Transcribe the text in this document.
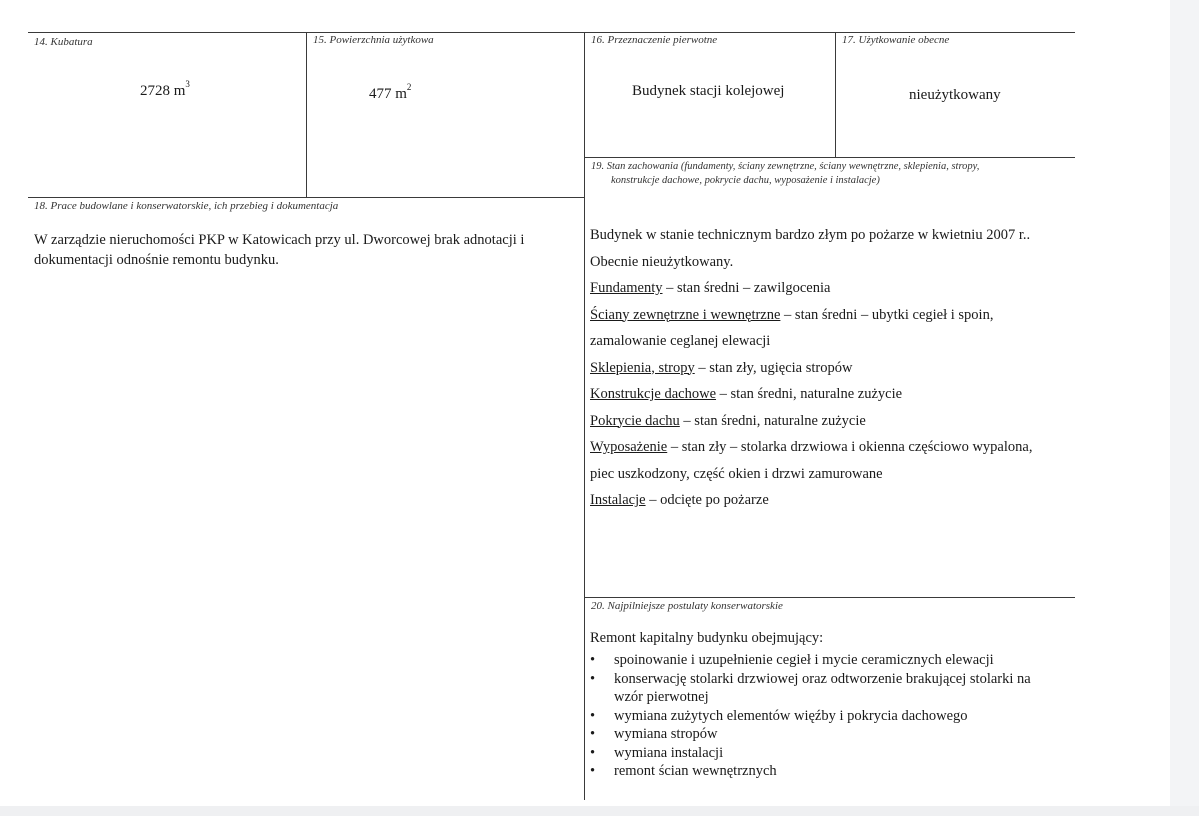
14. Kubatura
2728 $m^3$
15. Powierzchnia użytkowa
477 $m^2$
16. Przeznaczenie pierwotne
Budynek stacji kolejowej
17. Użytkowanie obecne
nieużytkowany
19. Stan zachowania (fundamenty, ściany zewnętrzne, ściany wewnętrzne, sklepienia, stropy,
konstrukcje dachowe, pokrycie dachu, wyposażenie i instalacje)
18. Prace budowlane i konserwatorskie, ich przebieg i dokumentacja
W zarządzie nieruchomości PKP w Katowicach przy ul. Dworcowej brak adnotacji i
dokumentacji odnośnie remontu budynku.
Budynek w stanie technicznym bardzo złym po pożarze w kwietniu 2007 r..
Obecnie nieużytkowany.
Fundamenty – stan średni – zawilgocenia
Ściany zewnętrzne i wewnętrzne – stan średni – ubytki cegieł i spoin,
zamalowanie ceglanej elewacji
Sklepienia, stropy – stan zły, ugięcia stropów
Konstrukcje dachowe – stan średni, naturalne zużycie
Pokrycie dachu – stan średni, naturalne zużycie
Wyposażenie – stan zły – stolarka drzwiowa i okienna częściowo wypalona,
piec uszkodzony, część okien i drzwi zamurowane
Instalacje – odcięte po pożarze
20. Najpilniejsze postulaty konserwatorskie
Remont kapitalny budynku obejmujący:
• spoinowanie i uzupełnienie cegieł i mycie ceramicznych elewacji
• konserwację stolarki drzwiowej oraz odtworzenie brakującej stolarki na
wzór pierwotnej
• wymiana zużytych elementów więźby i pokrycia dachowego
• wymiana stropów
• wymiana instalacji
• remont ścian wewnętrznych
